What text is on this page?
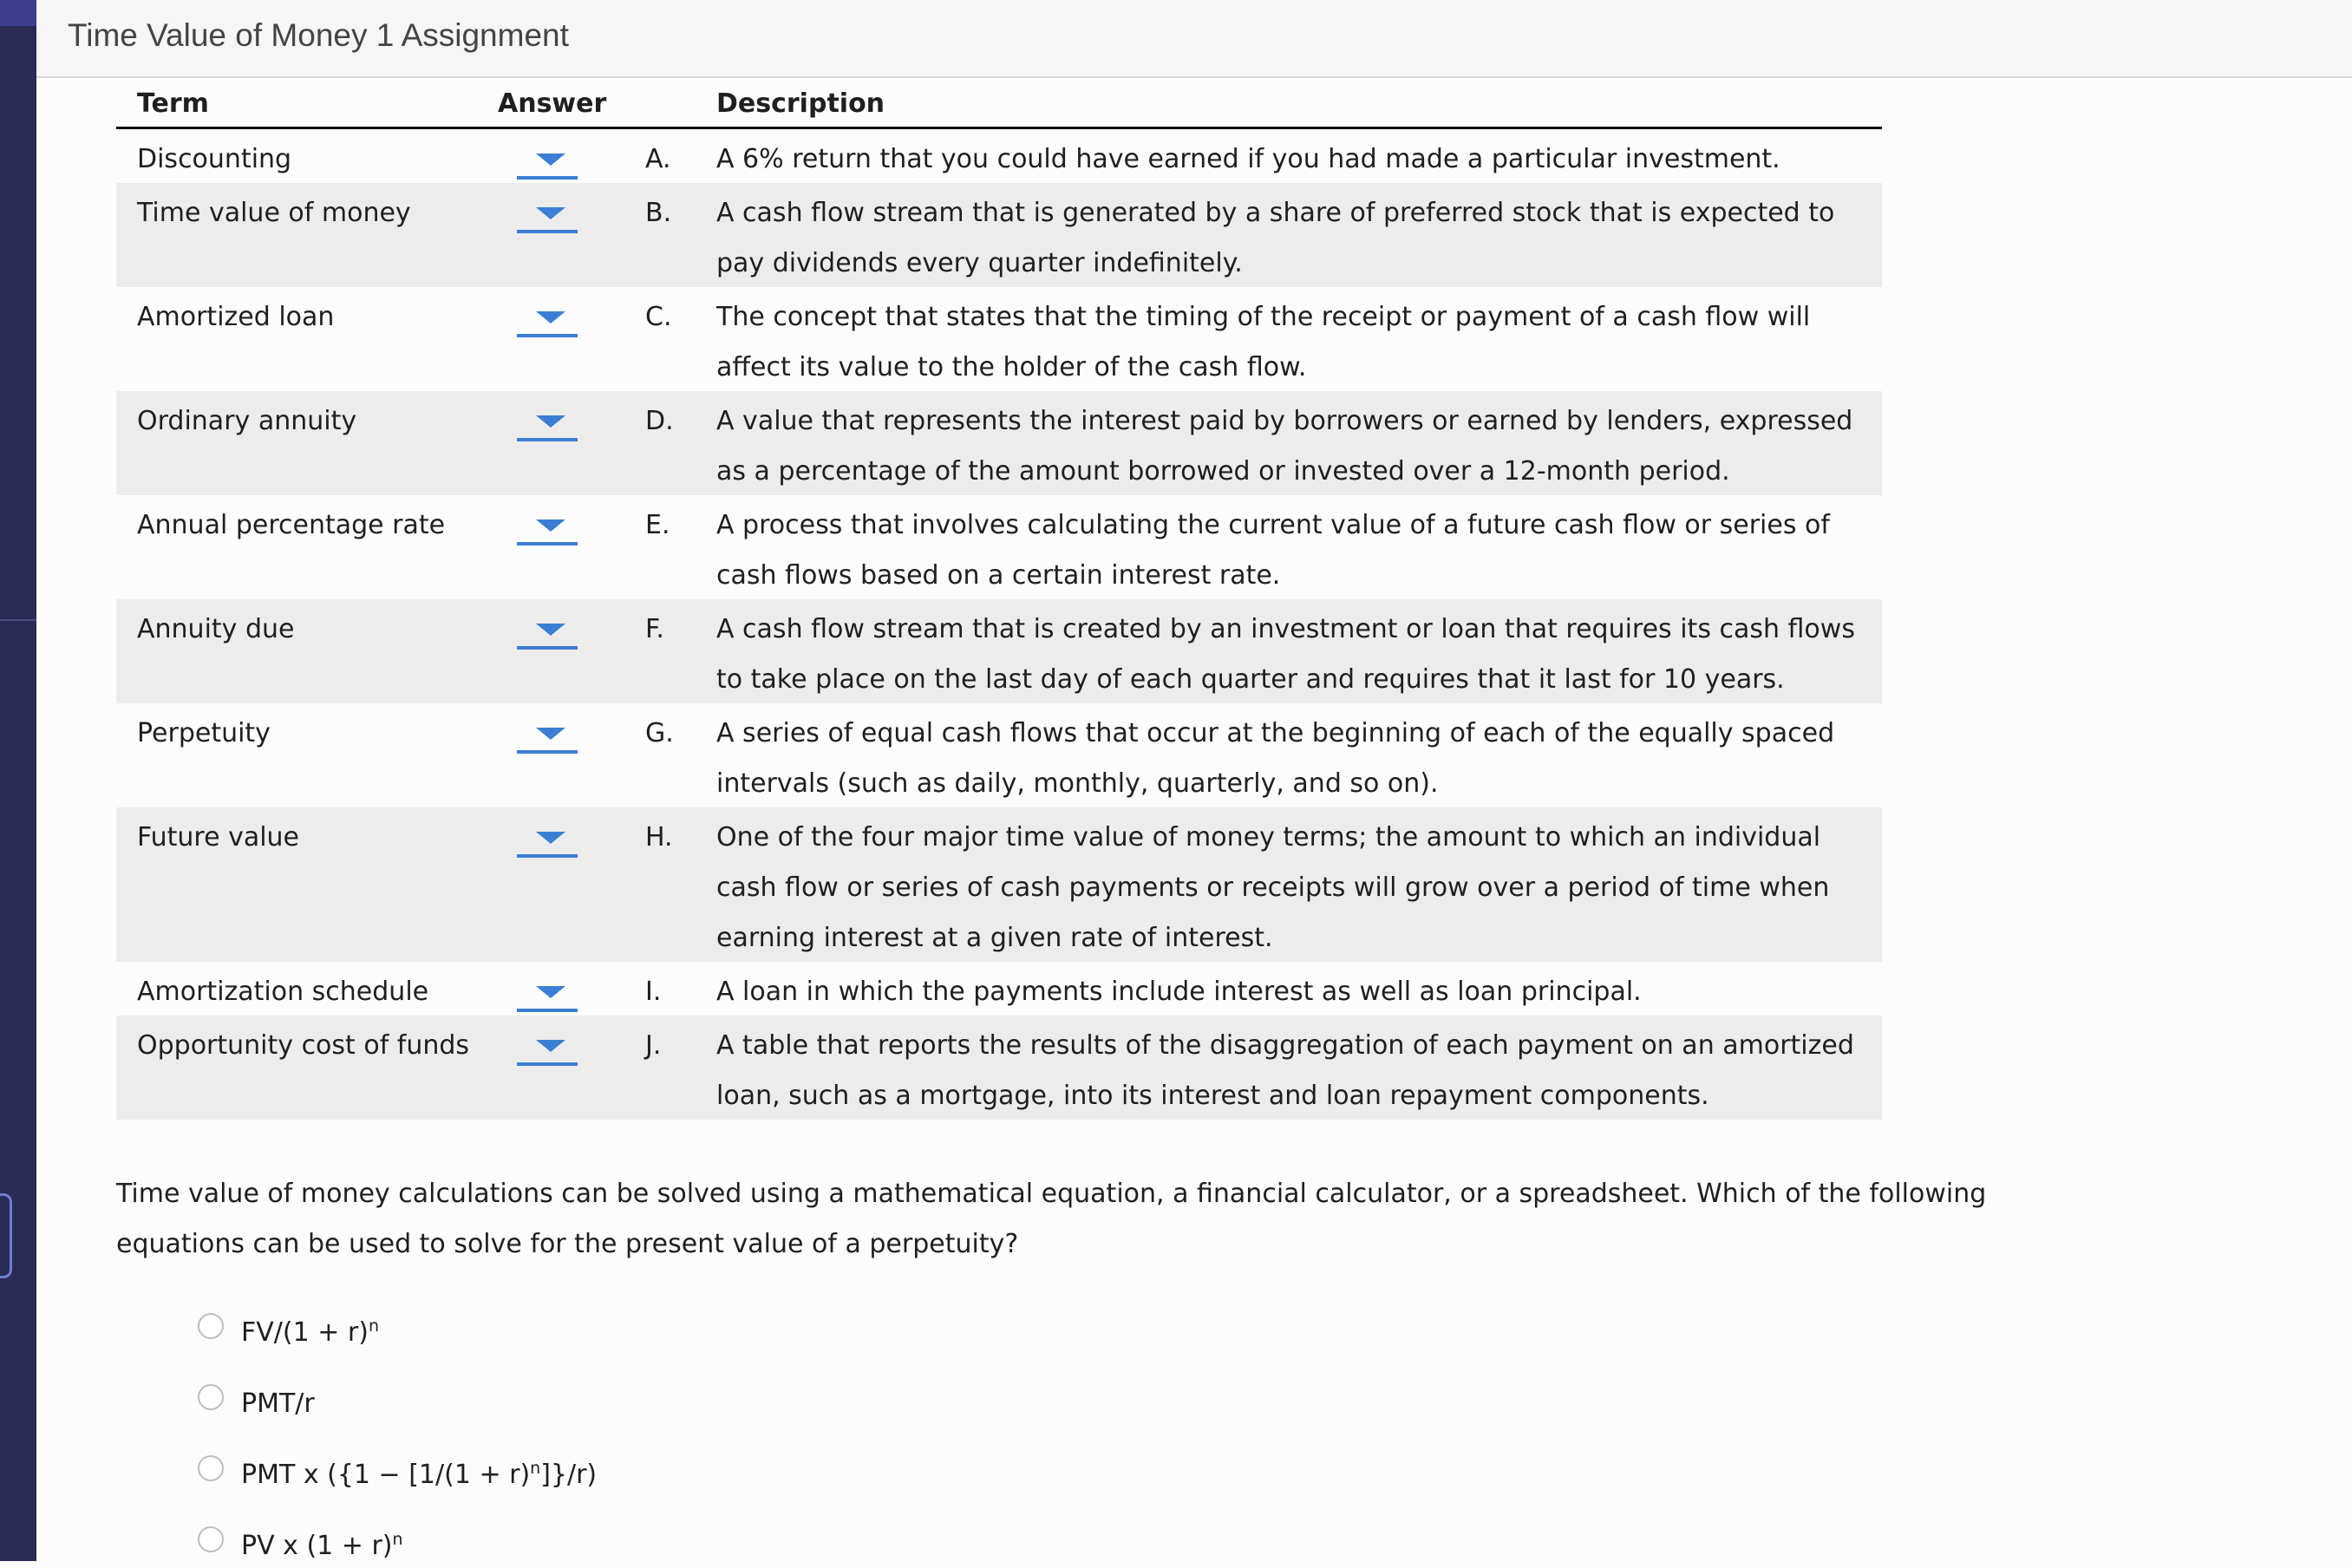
Time Value of Money 1 Assignment
Term	Answer	Description
Discounting	A. A 6% return that you could have earned if you had made a particular investment.
Time value of money	B. A cash flow stream that is generated by a share of preferred stock that is expected to pay dividends every quarter indefinitely.
Amortized loan	C. The concept that states that the timing of the receipt or payment of a cash flow will affect its value to the holder of the cash flow.
Ordinary annuity	D. A value that represents the interest paid by borrowers or earned by lenders, expressed as a percentage of the amount borrowed or invested over a 12-month period.
Annual percentage rate	E. A process that involves calculating the current value of a future cash flow or series of cash flows based on a certain interest rate.
Annuity due	F. A cash flow stream that is created by an investment or loan that requires its cash flows to take place on the last day of each quarter and requires that it last for 10 years.
Perpetuity	G. A series of equal cash flows that occur at the beginning of each of the equally spaced intervals (such as daily, monthly, quarterly, and so on).
Future value	H. One of the four major time value of money terms; the amount to which an individual cash flow or series of cash payments or receipts will grow over a period of time when earning interest at a given rate of interest.
Amortization schedule	I. A loan in which the payments include interest as well as loan principal.
Opportunity cost of funds	J. A table that reports the results of the disaggregation of each payment on an amortized loan, such as a mortgage, into its interest and loan repayment components.
Time value of money calculations can be solved using a mathematical equation, a financial calculator, or a spreadsheet. Which of the following equations can be used to solve for the present value of a perpetuity?
$FV/(1 + r)^n$
PMT/r
PMT x $(\{1 - [1/(1 + r)^n]\}/r)$
PV x $(1 + r)^n$
